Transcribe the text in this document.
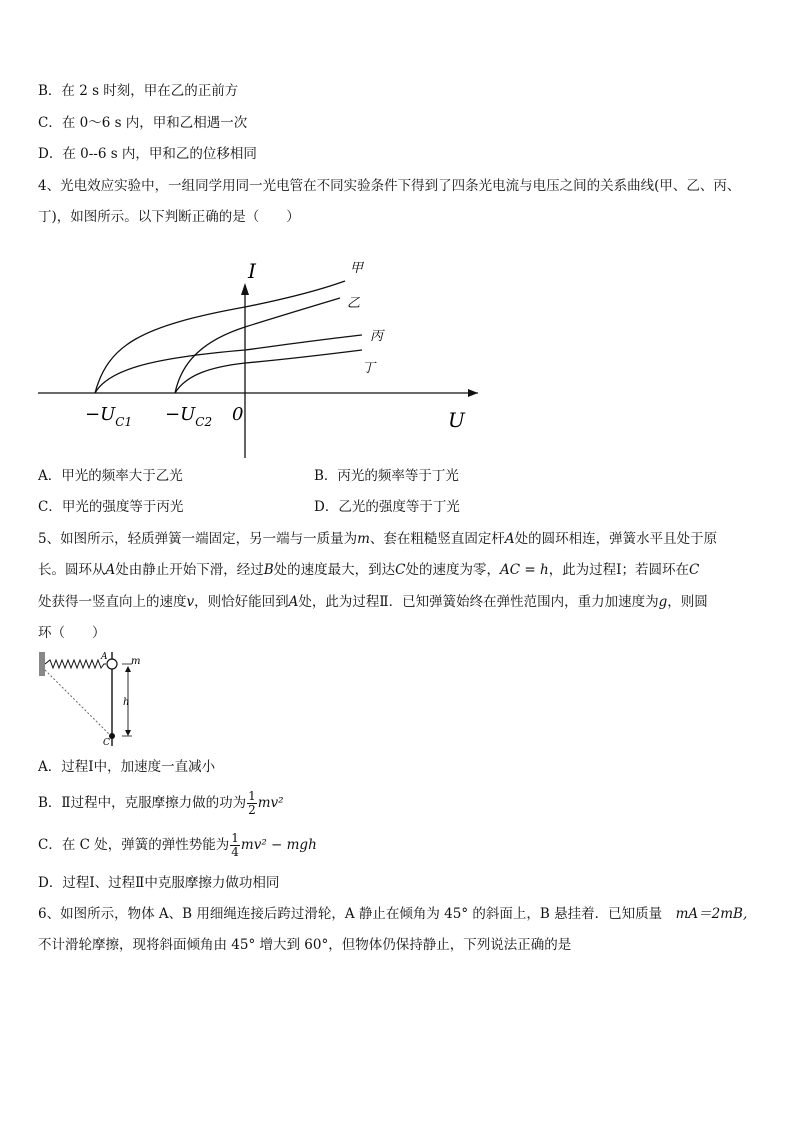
B．在 2 s 时刻，甲在乙的正前方
C．在 0～6 s 内，甲和乙相遇一次
D．在 0--6 s 内，甲和乙的位移相同
4、光电效应实验中，一组同学用同一光电管在不同实验条件下得到了四条光电流与电压之间的关系曲线(甲、乙、丙、
丁)，如图所示。以下判断正确的是（　　）
I
U
0
$-U_{C1} -U_{C2}$
甲
乙
丙
丁
A．甲光的频率大于乙光	B．丙光的频率等于丁光
C．甲光的强度等于丙光	D．乙光的强度等于丁光
5、如图所示，轻质弹簧一端固定，另一端与一质量为m、套在粗糙竖直固定杆A处的圆环相连，弹簧水平且处于原
长。圆环从A处由静止开始下滑，经过B处的速度最大，到达C处的速度为零，AC = h，此为过程Ⅰ；若圆环在C
处获得一竖直向上的速度v，则恰好能回到A处，此为过程Ⅱ．已知弹簧始终在弹性范围内，重力加速度为g，则圆
环（　　）
A m
h
C
A．过程Ⅰ中，加速度一直减小
B．Ⅱ过程中，克服摩擦力做的功为 $\frac{1}{2} mv^2$
C．在 C 处，弹簧的弹性势能为 $\frac{1}{4} mv^2$ − mgh
D．过程Ⅰ、过程Ⅱ中克服摩擦力做功相同
6、如图所示，物体 A、B 用细绳连接后跨过滑轮，A 静止在倾角为 45° 的斜面上，B 悬挂着．已知质量　 mA＝2mB,
不计滑轮摩擦，现将斜面倾角由 45° 增大到 60°，但物体仍保持静止，下列说法正确的是
